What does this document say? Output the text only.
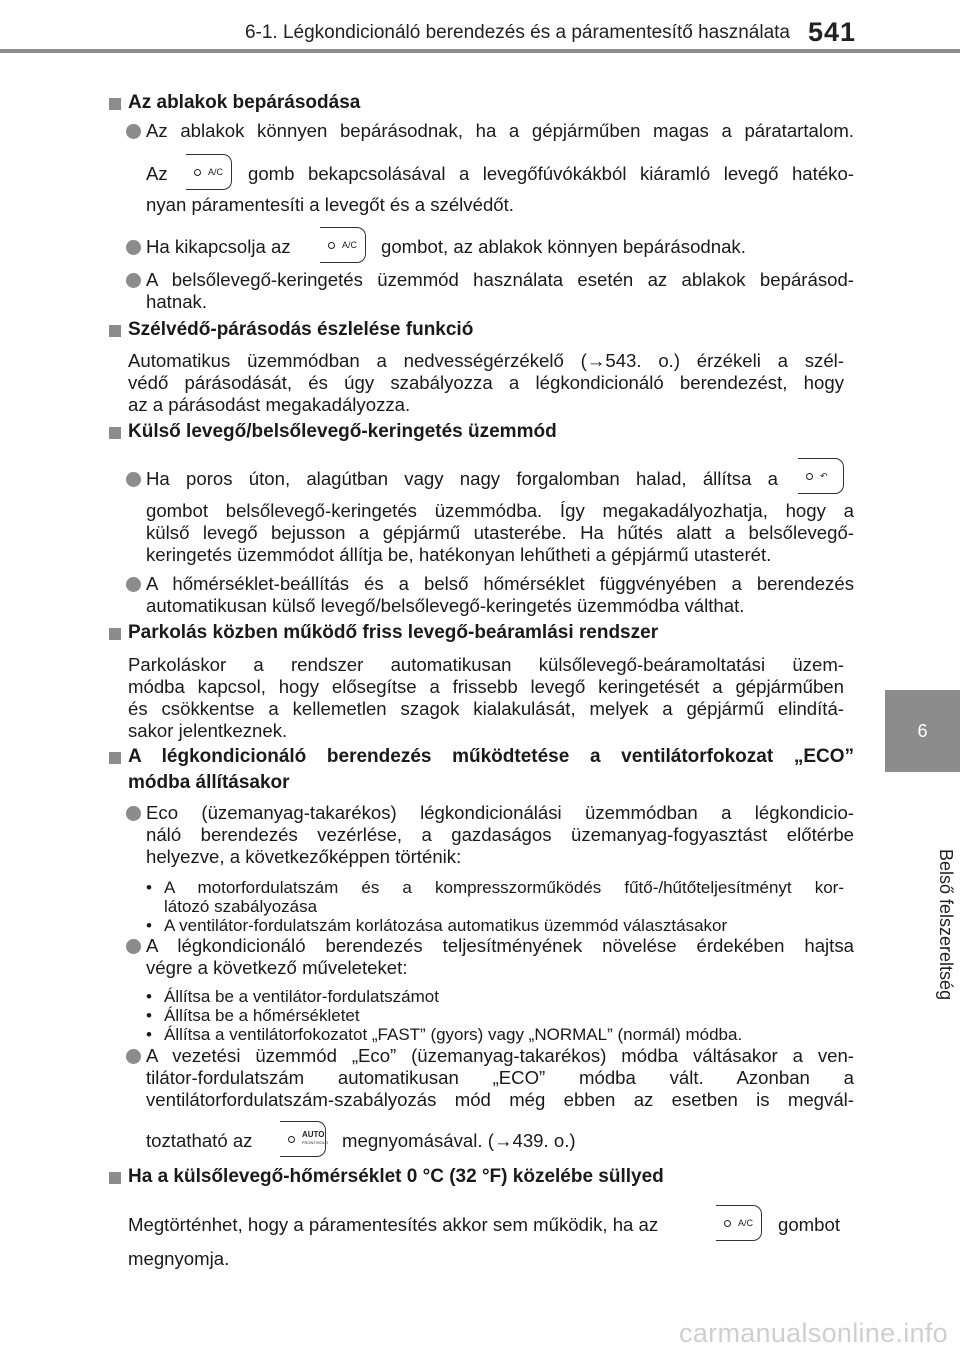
6-1. Légkondicionáló berendezés és a páramentesítő használata 541
6
Belső felszereltség
Az ablakok bepárásodása
Az ablakok könnyen bepárásodnak, ha a gépjárműben magas a páratartalom.
Az	A/C gomb bekapcsolásával a levegőfúvókákból kiáramló levegő hatéko-
nyan páramentesíti a levegőt és a szélvédőt.
Ha kikapcsolja az	A/C gombot, az ablakok könnyen bepárásodnak.
A belsőlevegő-keringetés üzemmód használata esetén az ablakok bepárásod-
hatnak.
Szélvédő-párásodás észlelése funkció
Automatikus üzemmódban a nedvességérzékelő (→543. o.) érzékeli a szél-
védő párásodását, és úgy szabályozza a légkondicionáló berendezést, hogy
az a párásodást megakadályozza.
Külső levegő/belsőlevegő-keringetés üzemmód
Ha poros úton, alagútban vagy nagy forgalomban halad, állítsa a	↶
gombot belsőlevegő-keringetés üzemmódba. Így megakadályozhatja, hogy a
külső levegő bejusson a gépjármű utasterébe. Ha hűtés alatt a belsőlevegő-
keringetés üzemmódot állítja be, hatékonyan lehűtheti a gépjármű utasterét.
A hőmérséklet-beállítás és a belső hőmérséklet függvényében a berendezés
automatikusan külső levegő/belsőlevegő-keringetés üzemmódba válthat.
Parkolás közben működő friss levegő-beáramlási rendszer
Parkoláskor a rendszer automatikusan külsőlevegő-beáramoltatási üzem-
módba kapcsol, hogy elősegítse a frissebb levegő keringetését a gépjárműben
és csökkentse a kellemetlen szagok kialakulását, melyek a gépjármű elindítá-
sakor jelentkeznek.
A légkondicionáló berendezés működtetése a ventilátorfokozat „ECO”
módba állításakor
Eco (üzemanyag-takarékos) légkondicionálási üzemmódban a légkondicio-
náló berendezés vezérlése, a gazdaságos üzemanyag-fogyasztást előtérbe
helyezve, a következőképpen történik:
• A motorfordulatszám és a kompresszorműködés fűtő-/hűtőteljesítményt kor-
látozó szabályozása
• A ventilátor-fordulatszám korlátozása automatikus üzemmód választásakor
A légkondicionáló berendezés teljesítményének növelése érdekében hajtsa
végre a következő műveleteket:
• Állítsa be a ventilátor-fordulatszámot
• Állítsa be a hőmérsékletet
• Állítsa a ventilátorfokozatot „FAST” (gyors) vagy „NORMAL” (normál) módba.
A vezetési üzemmód „Eco” (üzemanyag-takarékos) módba váltásakor a ven-
tilátor-fordulatszám automatikusan „ECO” módba vált. Azonban a
ventilátorfordulatszám-szabályozás mód még ebben az esetben is megvál-
toztatható az	AUTO
FRONT/SOLO megnyomásával. (→439. o.)
Ha a külsőlevegő-hőmérséklet 0 °C (32 °F) közelébe süllyed
Megtörténhet, hogy a páramentesítés akkor sem működik, ha az	A/C gombot
megnyomja.
carmanualsonline.info
